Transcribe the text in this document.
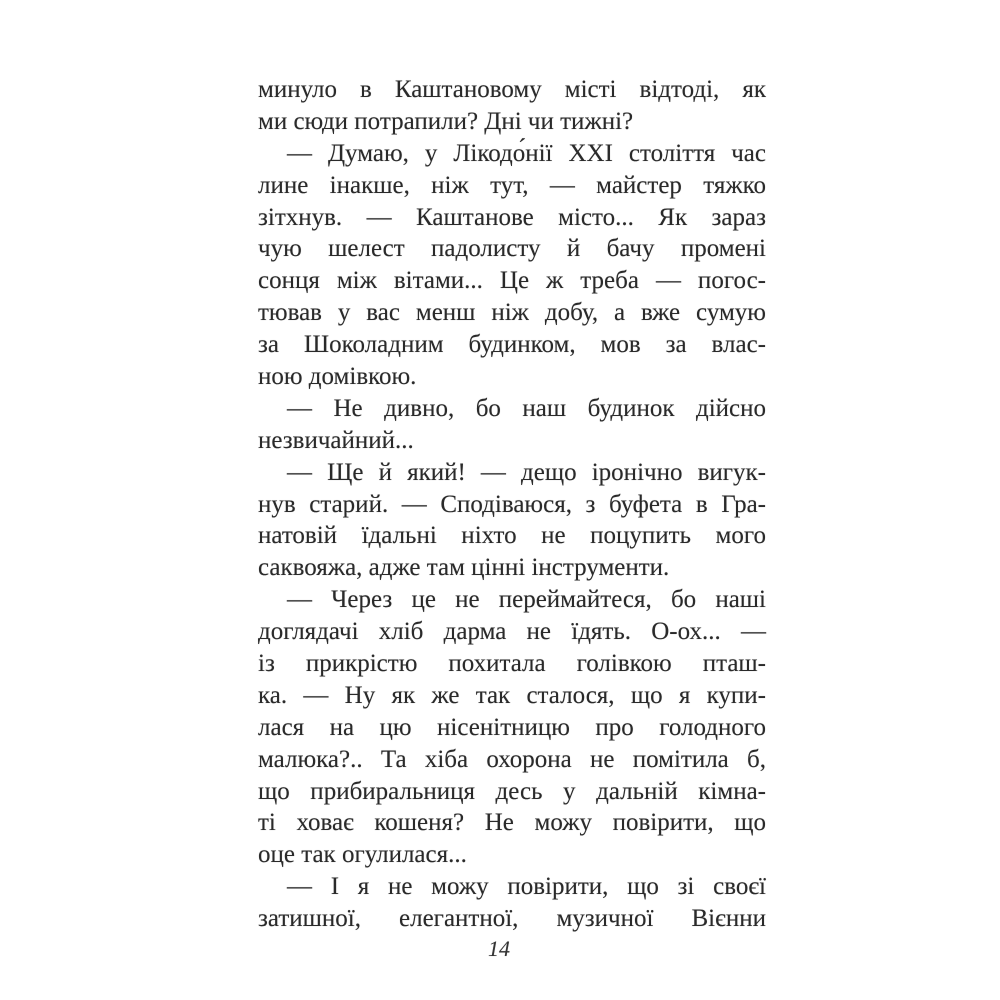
минуло в Каштановому місті відтоді, як
ми сюди потрапили? Дні чи тижні?
— Думаю, у Лікодо́нії XXI століття час
лине інакше, ніж тут, — майстер тяжко
зітхнув. — Каштанове місто... Як зараз
чую шелест падолисту й бачу промені
сонця між вітами... Це ж треба — погос-
тював у вас менш ніж добу, а вже сумую
за Шоколадним будинком, мов за влас-
ною домівкою.
— Не дивно, бо наш будинок дійсно
незвичайний...
— Ще й який! — дещо іронічно вигук-
нув старий. — Сподіваюся, з буфета в Гра-
натовій їдальні ніхто не поцупить мого
саквояжа, адже там цінні інструменти.
— Через це не переймайтеся, бо наші
доглядачі хліб дарма не їдять. О-ох... —
із прикрістю похитала голівкою пташ-
ка. — Ну як же так сталося, що я купи-
лася на цю нісенітницю про голодного
малюка?.. Та хіба охорона не помітила б,
що прибиральниця десь у дальній кімна-
ті ховає кошеня? Не можу повірити, що
оце так огулилася...
— І я не можу повірити, що зі своєї
затишної, елегантної, музичної Вієнни
14
